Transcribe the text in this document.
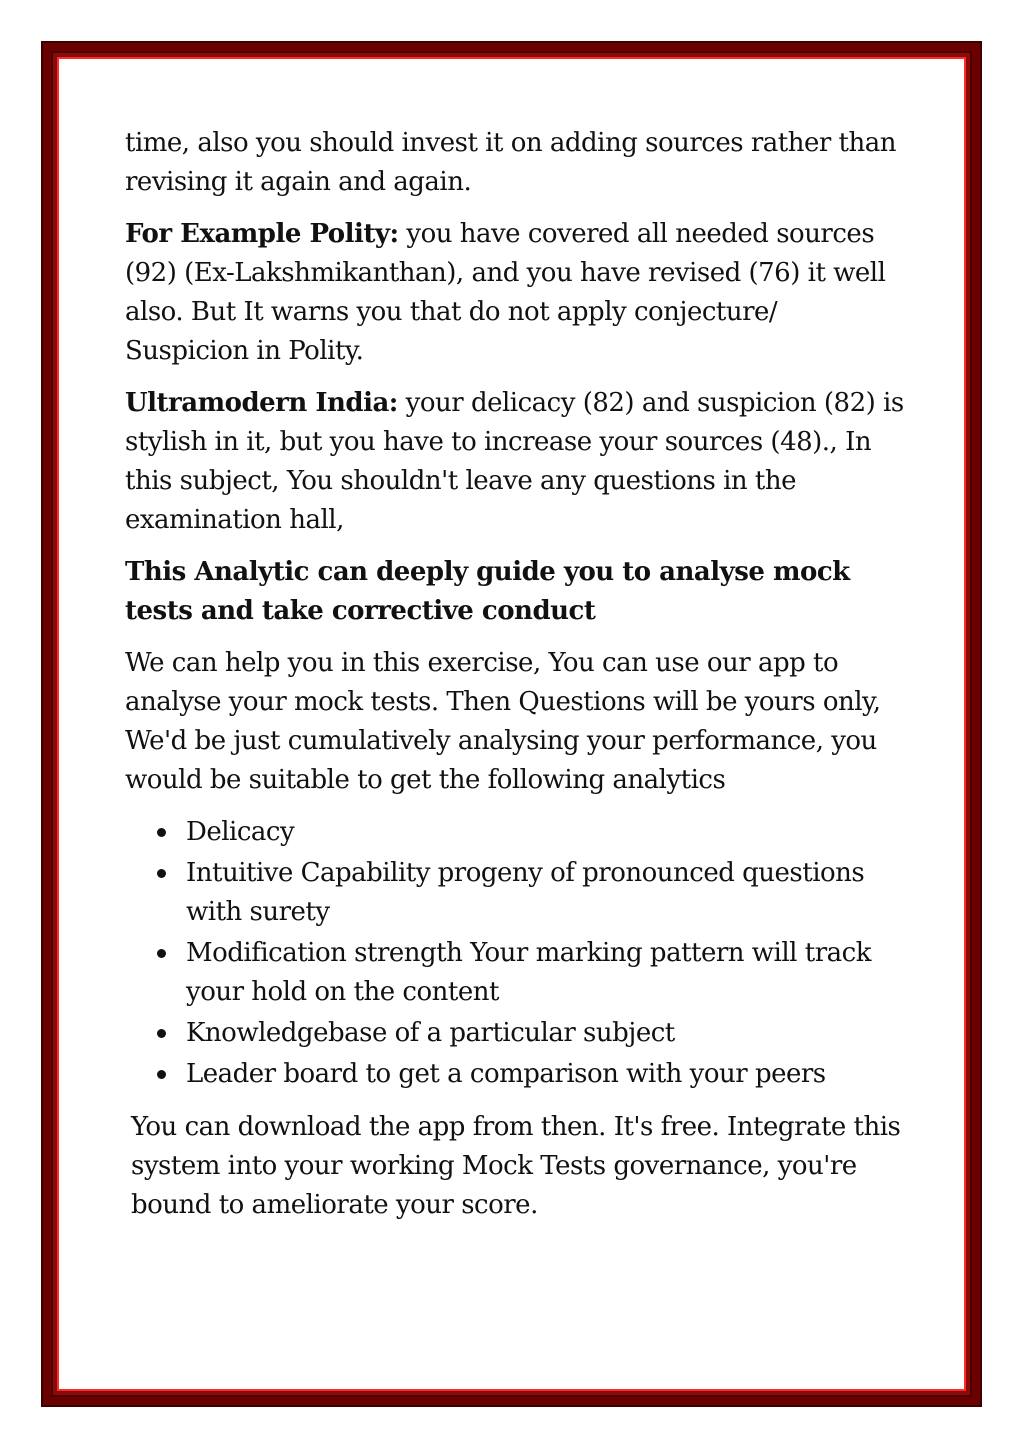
time, also you should invest it on adding sources rather than revising it again and again.

For Example Polity: you have covered all needed sources (92) (Ex-Lakshmikanthan), and you have revised (76) it well also. But It warns you that do not apply conjecture/ Suspicion in Polity.

Ultramodern India: your delicacy (82) and suspicion (82) is stylish in it, but you have to increase your sources (48)., In this subject, You shouldn't leave any questions in the examination hall,

This Analytic can deeply guide you to analyse mock tests and take corrective conduct

We can help you in this exercise, You can use our app to analyse your mock tests. Then Questions will be yours only, We'd be just cumulatively analysing your performance, you would be suitable to get the following analytics

Delicacy
Intuitive Capability progeny of pronounced questions with surety
Modification strength Your marking pattern will track your hold on the content
Knowledgebase of a particular subject
Leader board to get a comparison with your peers

You can download the app from then. It's free. Integrate this system into your working Mock Tests governance, you're bound to ameliorate your score.
